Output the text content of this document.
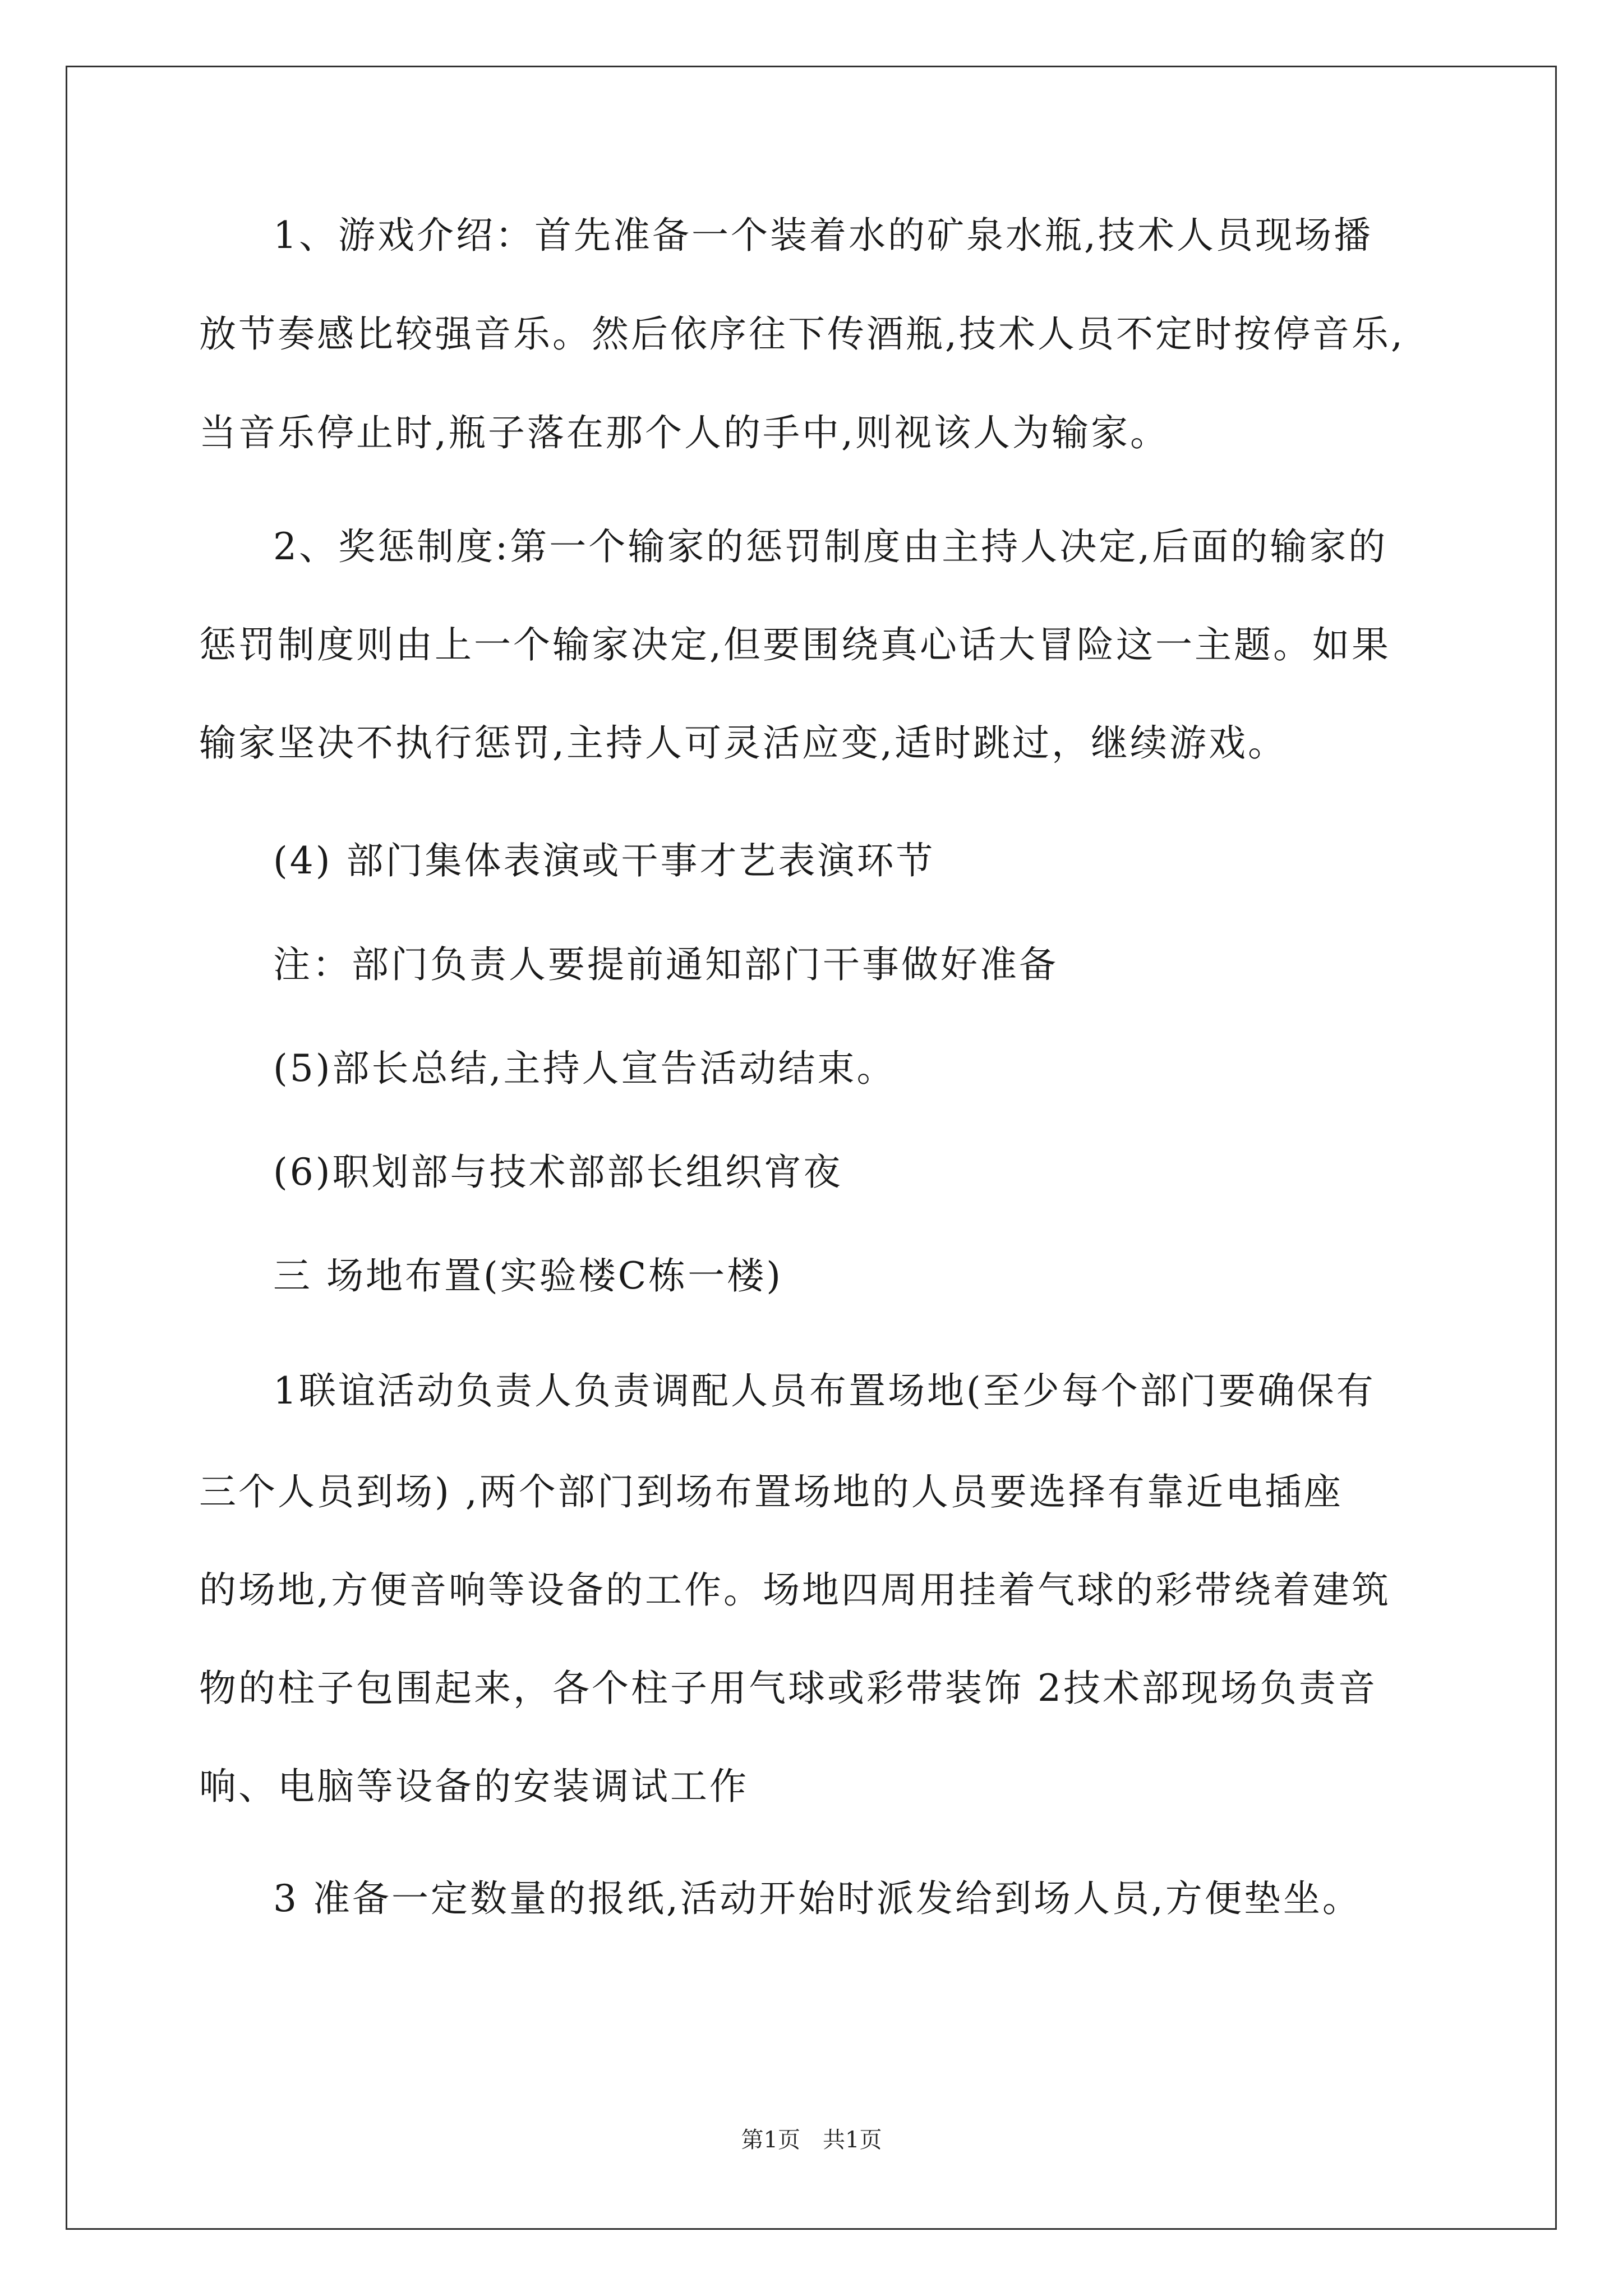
1、游戏介绍：首先准备一个装着水的矿泉水瓶,技术人员现场播
放节奏感比较强音乐。然后依序往下传酒瓶,技术人员不定时按停音乐,
当音乐停止时,瓶子落在那个人的手中,则视该人为输家。
2、奖惩制度:第一个输家的惩罚制度由主持人决定,后面的输家的
惩罚制度则由上一个输家决定,但要围绕真心话大冒险这一主题。如果
输家坚决不执行惩罚,主持人可灵活应变,适时跳过，继续游戏。
(4) 部门集体表演或干事才艺表演环节
注：部门负责人要提前通知部门干事做好准备
(5)部长总结,主持人宣告活动结束。
(6)职划部与技术部部长组织宵夜
三 场地布置(实验楼C栋一楼)
1联谊活动负责人负责调配人员布置场地(至少每个部门要确保有
三个人员到场) ,两个部门到场布置场地的人员要选择有靠近电插座
的场地,方便音响等设备的工作。场地四周用挂着气球的彩带绕着建筑
物的柱子包围起来，各个柱子用气球或彩带装饰 2技术部现场负责音
响、电脑等设备的安装调试工作
3 准备一定数量的报纸,活动开始时派发给到场人员,方便垫坐。
第1页　共1页
